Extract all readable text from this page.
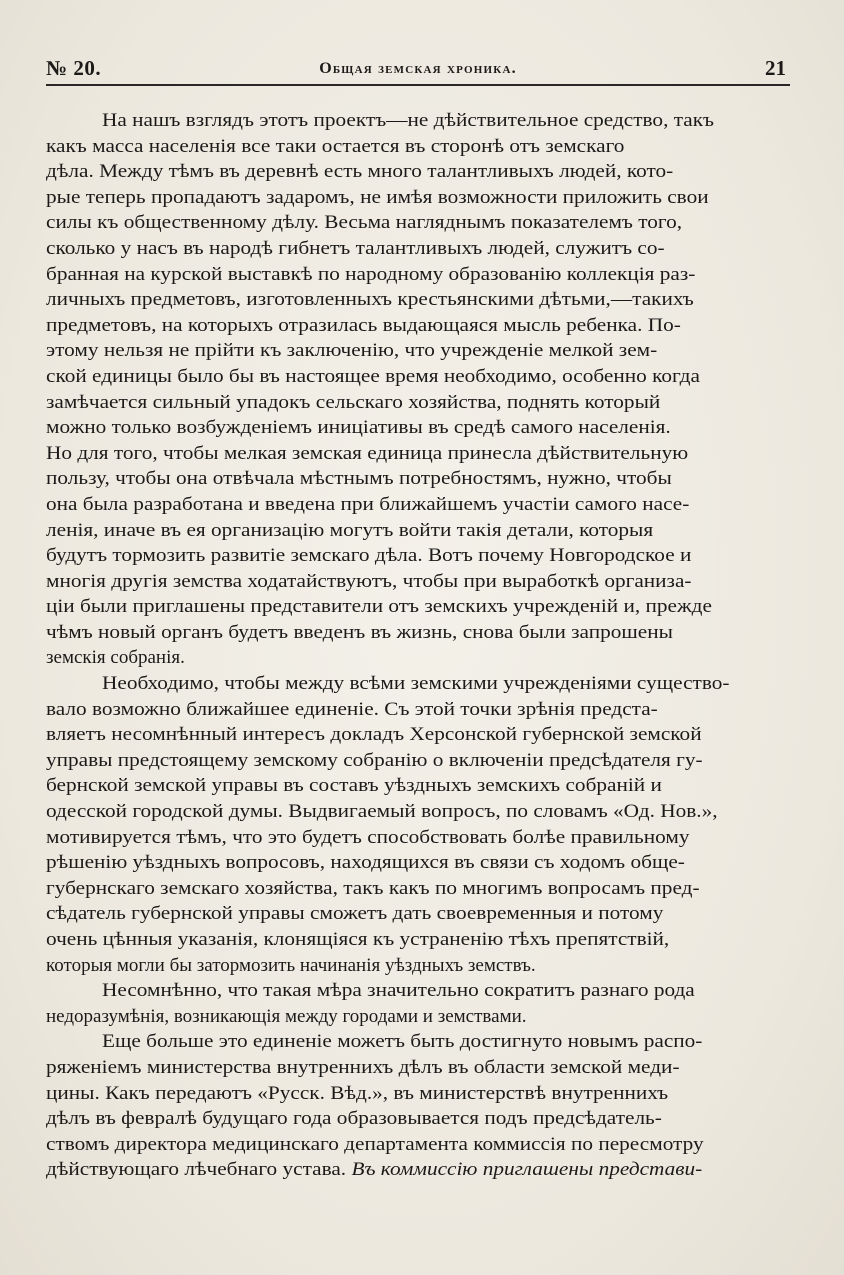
№ 20.	Общая земская хроника.	21
На нашъ взглядъ этотъ проектъ—не дѣйствительное средство, такъ
какъ масса населенія все таки остается въ сторонѣ отъ земскаго
дѣла. Между тѣмъ въ деревнѣ есть много талантливыхъ людей, кото-
рые теперь пропадаютъ задаромъ, не имѣя возможности приложить свои
силы къ общественному дѣлу. Весьма нагляднымъ показателемъ того,
сколько у насъ въ народѣ гибнетъ талантливыхъ людей, служитъ со-
бранная на курской выставкѣ по народному образованію коллекція раз-
личныхъ предметовъ, изготовленныхъ крестьянскими дѣтьми,—такихъ
предметовъ, на которыхъ отразилась выдающаяся мысль ребенка. По-
этому нельзя не прійти къ заключенію, что учрежденіе мелкой зем-
ской единицы было бы въ настоящее время необходимо, особенно когда
замѣчается сильный упадокъ сельскаго хозяйства, поднять который
можно только возбужденіемъ иниціативы въ средѣ самого населенія.
Но для того, чтобы мелкая земская единица принесла дѣйствительную
пользу, чтобы она отвѣчала мѣстнымъ потребностямъ, нужно, чтобы
она была разработана и введена при ближайшемъ участіи самого насе-
ленія, иначе въ ея организацію могутъ войти такія детали, которыя
будутъ тормозить развитіе земскаго дѣла. Вотъ почему Новгородское и
многія другія земства ходатайствуютъ, чтобы при выработкѣ организа-
ціи были приглашены представители отъ земскихъ учрежденій и, прежде
чѣмъ новый органъ будетъ введенъ въ жизнь, снова были запрошены
земскія собранія.
Необходимо, чтобы между всѣми земскими учрежденіями существо-
вало возможно ближайшее единеніе. Съ этой точки зрѣнія предста-
вляетъ несомнѣнный интересъ докладъ Херсонской губернской земской
управы предстоящему земскому собранію о включеніи предсѣдателя гу-
бернской земской управы въ составъ уѣздныхъ земскихъ собраній и
одесской городской думы. Выдвигаемый вопросъ, по словамъ «Од. Нов.»,
мотивируется тѣмъ, что это будетъ способствовать болѣе правильному
рѣшенію уѣздныхъ вопросовъ, находящихся въ связи съ ходомъ обще-
губернскаго земскаго хозяйства, такъ какъ по многимъ вопросамъ пред-
сѣдатель губернской управы сможетъ дать своевременныя и потому
очень цѣнныя указанія, клонящіяся къ устраненію тѣхъ препятствій,
которыя могли бы затормозить начинанія уѣздныхъ земствъ.
Несомнѣнно, что такая мѣра значительно сократитъ разнаго рода
недоразумѣнія, возникающія между городами и земствами.
Еще больше это единеніе можетъ быть достигнуто новымъ распо-
ряженіемъ министерства внутреннихъ дѣлъ въ области земской меди-
цины. Какъ передаютъ «Русск. Вѣд.», въ министерствѣ внутреннихъ
дѣлъ въ февралѣ будущаго года образовывается подъ предсѣдатель-
ствомъ директора медицинскаго департамента коммиссія по пересмотру
дѣйствующаго лѣчебнаго устава. Въ коммиссію приглашены представи-
